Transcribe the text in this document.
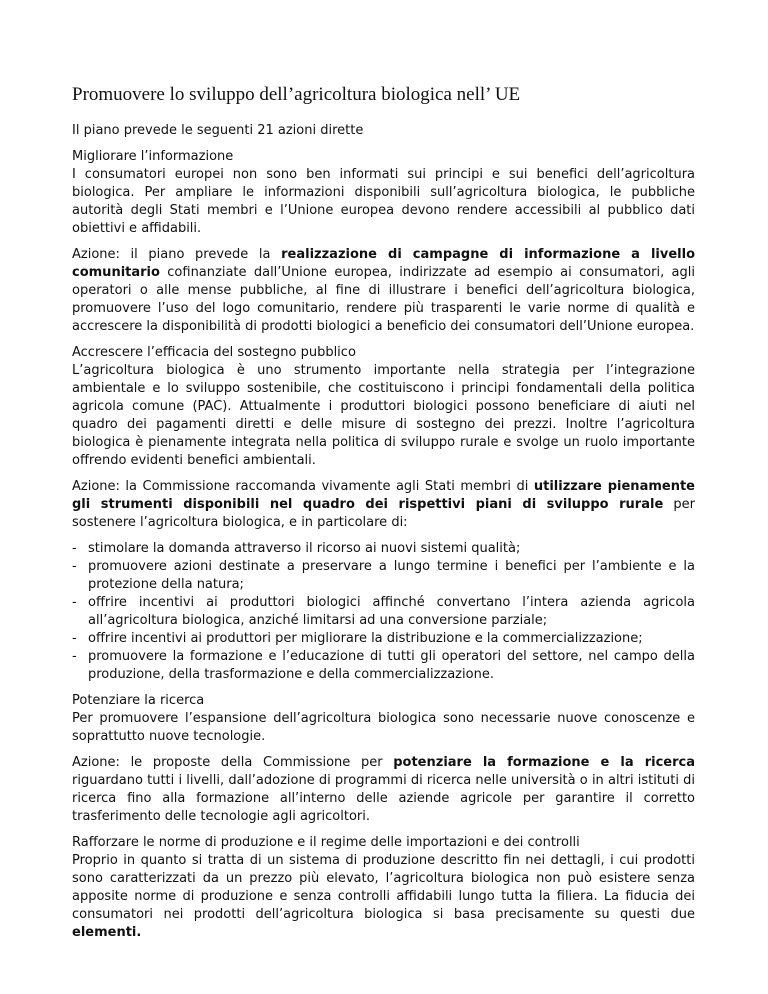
Promuovere lo sviluppo dell’agricoltura biologica nell’ UE

Il piano prevede le seguenti 21 azioni dirette

Migliorare l’informazione
I consumatori europei non sono ben informati sui principi e sui benefici dell’agricoltura biologica. Per ampliare le informazioni disponibili sull’agricoltura biologica, le pubbliche autorità degli Stati membri e l’Unione europea devono rendere accessibili al pubblico dati obiettivi e affidabili.

Azione: il piano prevede la realizzazione di campagne di informazione a livello comunitario cofinanziate dall’Unione europea, indirizzate ad esempio ai consumatori, agli operatori o alle mense pubbliche, al fine di illustrare i benefici dell’agricoltura biologica, promuovere l’uso del logo comunitario, rendere più trasparenti le varie norme di qualità e accrescere la disponibilità di prodotti biologici a beneficio dei consumatori dell’Unione europea.

Accrescere l’efficacia del sostegno pubblico
L’agricoltura biologica è uno strumento importante nella strategia per l’integrazione ambientale e lo sviluppo sostenibile, che costituiscono i principi fondamentali della politica agricola comune (PAC). Attualmente i produttori biologici possono beneficiare di aiuti nel quadro dei pagamenti diretti e delle misure di sostegno dei prezzi. Inoltre l’agricoltura biologica è pienamente integrata nella politica di sviluppo rurale e svolge un ruolo importante offrendo evidenti benefici ambientali.

Azione: la Commissione raccomanda vivamente agli Stati membri di utilizzare pienamente gli strumenti disponibili nel quadro dei rispettivi piani di sviluppo rurale per sostenere l’agricoltura biologica, e in particolare di:

- stimolare la domanda attraverso il ricorso ai nuovi sistemi qualità;
- promuovere azioni destinate a preservare a lungo termine i benefici per l’ambiente e la protezione della natura;
- offrire incentivi ai produttori biologici affinché convertano l’intera azienda agricola all’agricoltura biologica, anziché limitarsi ad una conversione parziale;
- offrire incentivi ai produttori per migliorare la distribuzione e la commercializzazione;
- promuovere la formazione e l’educazione di tutti gli operatori del settore, nel campo della produzione, della trasformazione e della commercializzazione.

Potenziare la ricerca
Per promuovere l’espansione dell’agricoltura biologica sono necessarie nuove conoscenze e soprattutto nuove tecnologie.

Azione: le proposte della Commissione per potenziare la formazione e la ricerca riguardano tutti i livelli, dall’adozione di programmi di ricerca nelle università o in altri istituti di ricerca fino alla formazione all’interno delle aziende agricole per garantire il corretto trasferimento delle tecnologie agli agricoltori.

Rafforzare le norme di produzione e il regime delle importazioni e dei controlli
Proprio in quanto si tratta di un sistema di produzione descritto fin nei dettagli, i cui prodotti sono caratterizzati da un prezzo più elevato, l’agricoltura biologica non può esistere senza apposite norme di produzione e senza controlli affidabili lungo tutta la filiera. La fiducia dei consumatori nei prodotti dell’agricoltura biologica si basa precisamente su questi due elementi.
